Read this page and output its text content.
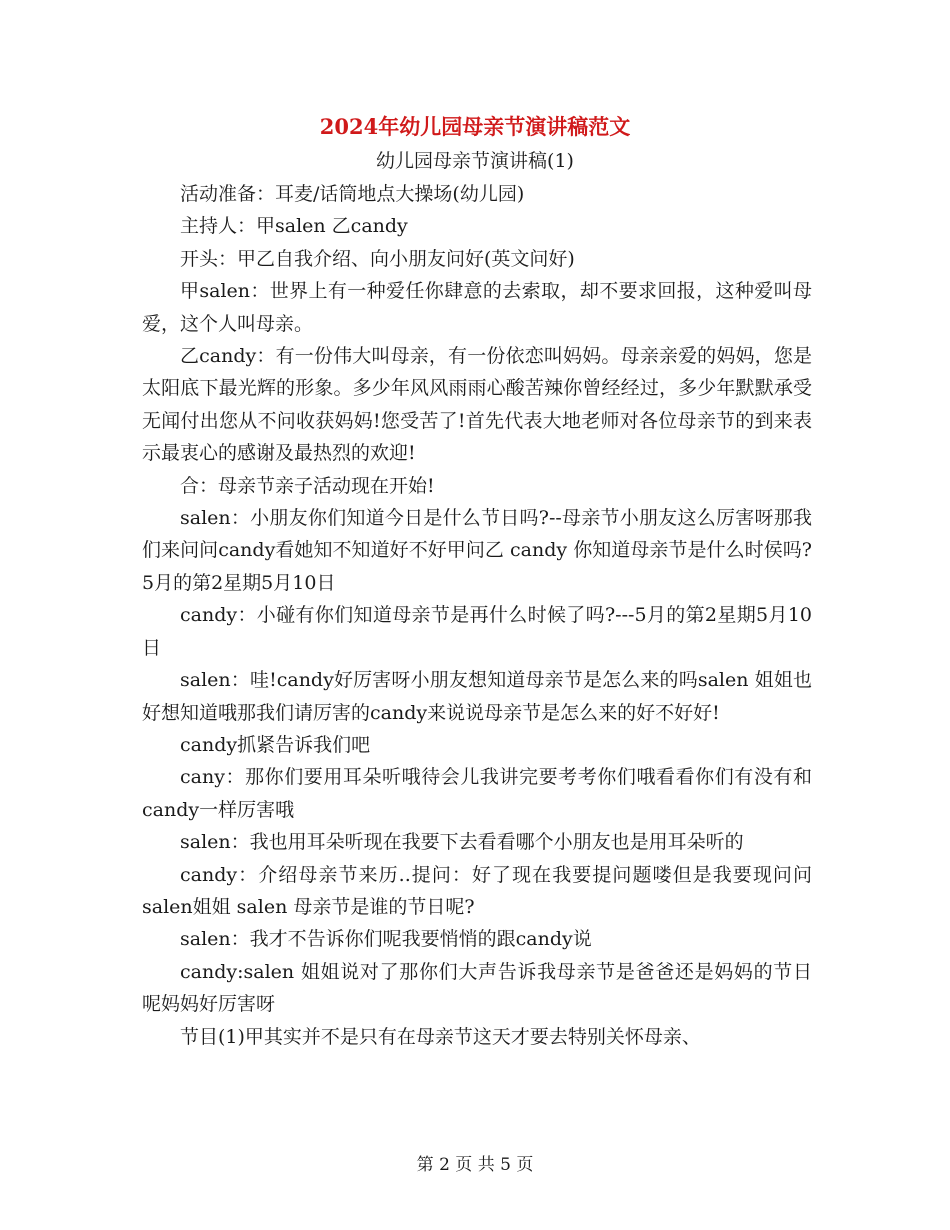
2024年幼儿园母亲节演讲稿范文
幼儿园母亲节演讲稿(1)

活动准备：耳麦/话筒地点大操场(幼儿园)

主持人：甲salen 乙candy

开头：甲乙自我介绍、向小朋友问好(英文问好)

甲salen：世界上有一种爱任你肆意的去索取，却不要求回报，这种爱叫母爱，这个人叫母亲。

乙candy：有一份伟大叫母亲，有一份依恋叫妈妈。母亲亲爱的妈妈，您是太阳底下最光辉的形象。多少年风风雨雨心酸苦辣你曾经经过，多少年默默承受无闻付出您从不问收获妈妈!您受苦了!首先代表大地老师对各位母亲节的到来表示最衷心的感谢及最热烈的欢迎!

合：母亲节亲子活动现在开始!

salen：小朋友你们知道今日是什么节日吗?--母亲节小朋友这么厉害呀那我们来问问candy看她知不知道好不好甲问乙 candy 你知道母亲节是什么时侯吗?5月的第2星期5月10日

candy：小碰有你们知道母亲节是再什么时候了吗?---5月的第2星期5月10日

salen：哇!candy好厉害呀小朋友想知道母亲节是怎么来的吗salen 姐姐也好想知道哦那我们请厉害的candy来说说母亲节是怎么来的好不好好!

candy抓紧告诉我们吧

cany：那你们要用耳朵听哦待会儿我讲完要考考你们哦看看你们有没有和candy一样厉害哦

salen：我也用耳朵听现在我要下去看看哪个小朋友也是用耳朵听的

candy：介绍母亲节来历..提问：好了现在我要提问题喽但是我要现问问salen姐姐 salen 母亲节是谁的节日呢?

salen：我才不告诉你们呢我要悄悄的跟candy说

candy:salen 姐姐说对了那你们大声告诉我母亲节是爸爸还是妈妈的节日呢妈妈好厉害呀

节目(1)甲其实并不是只有在母亲节这天才要去特别关怀母亲、

第 2 页 共 5 页
